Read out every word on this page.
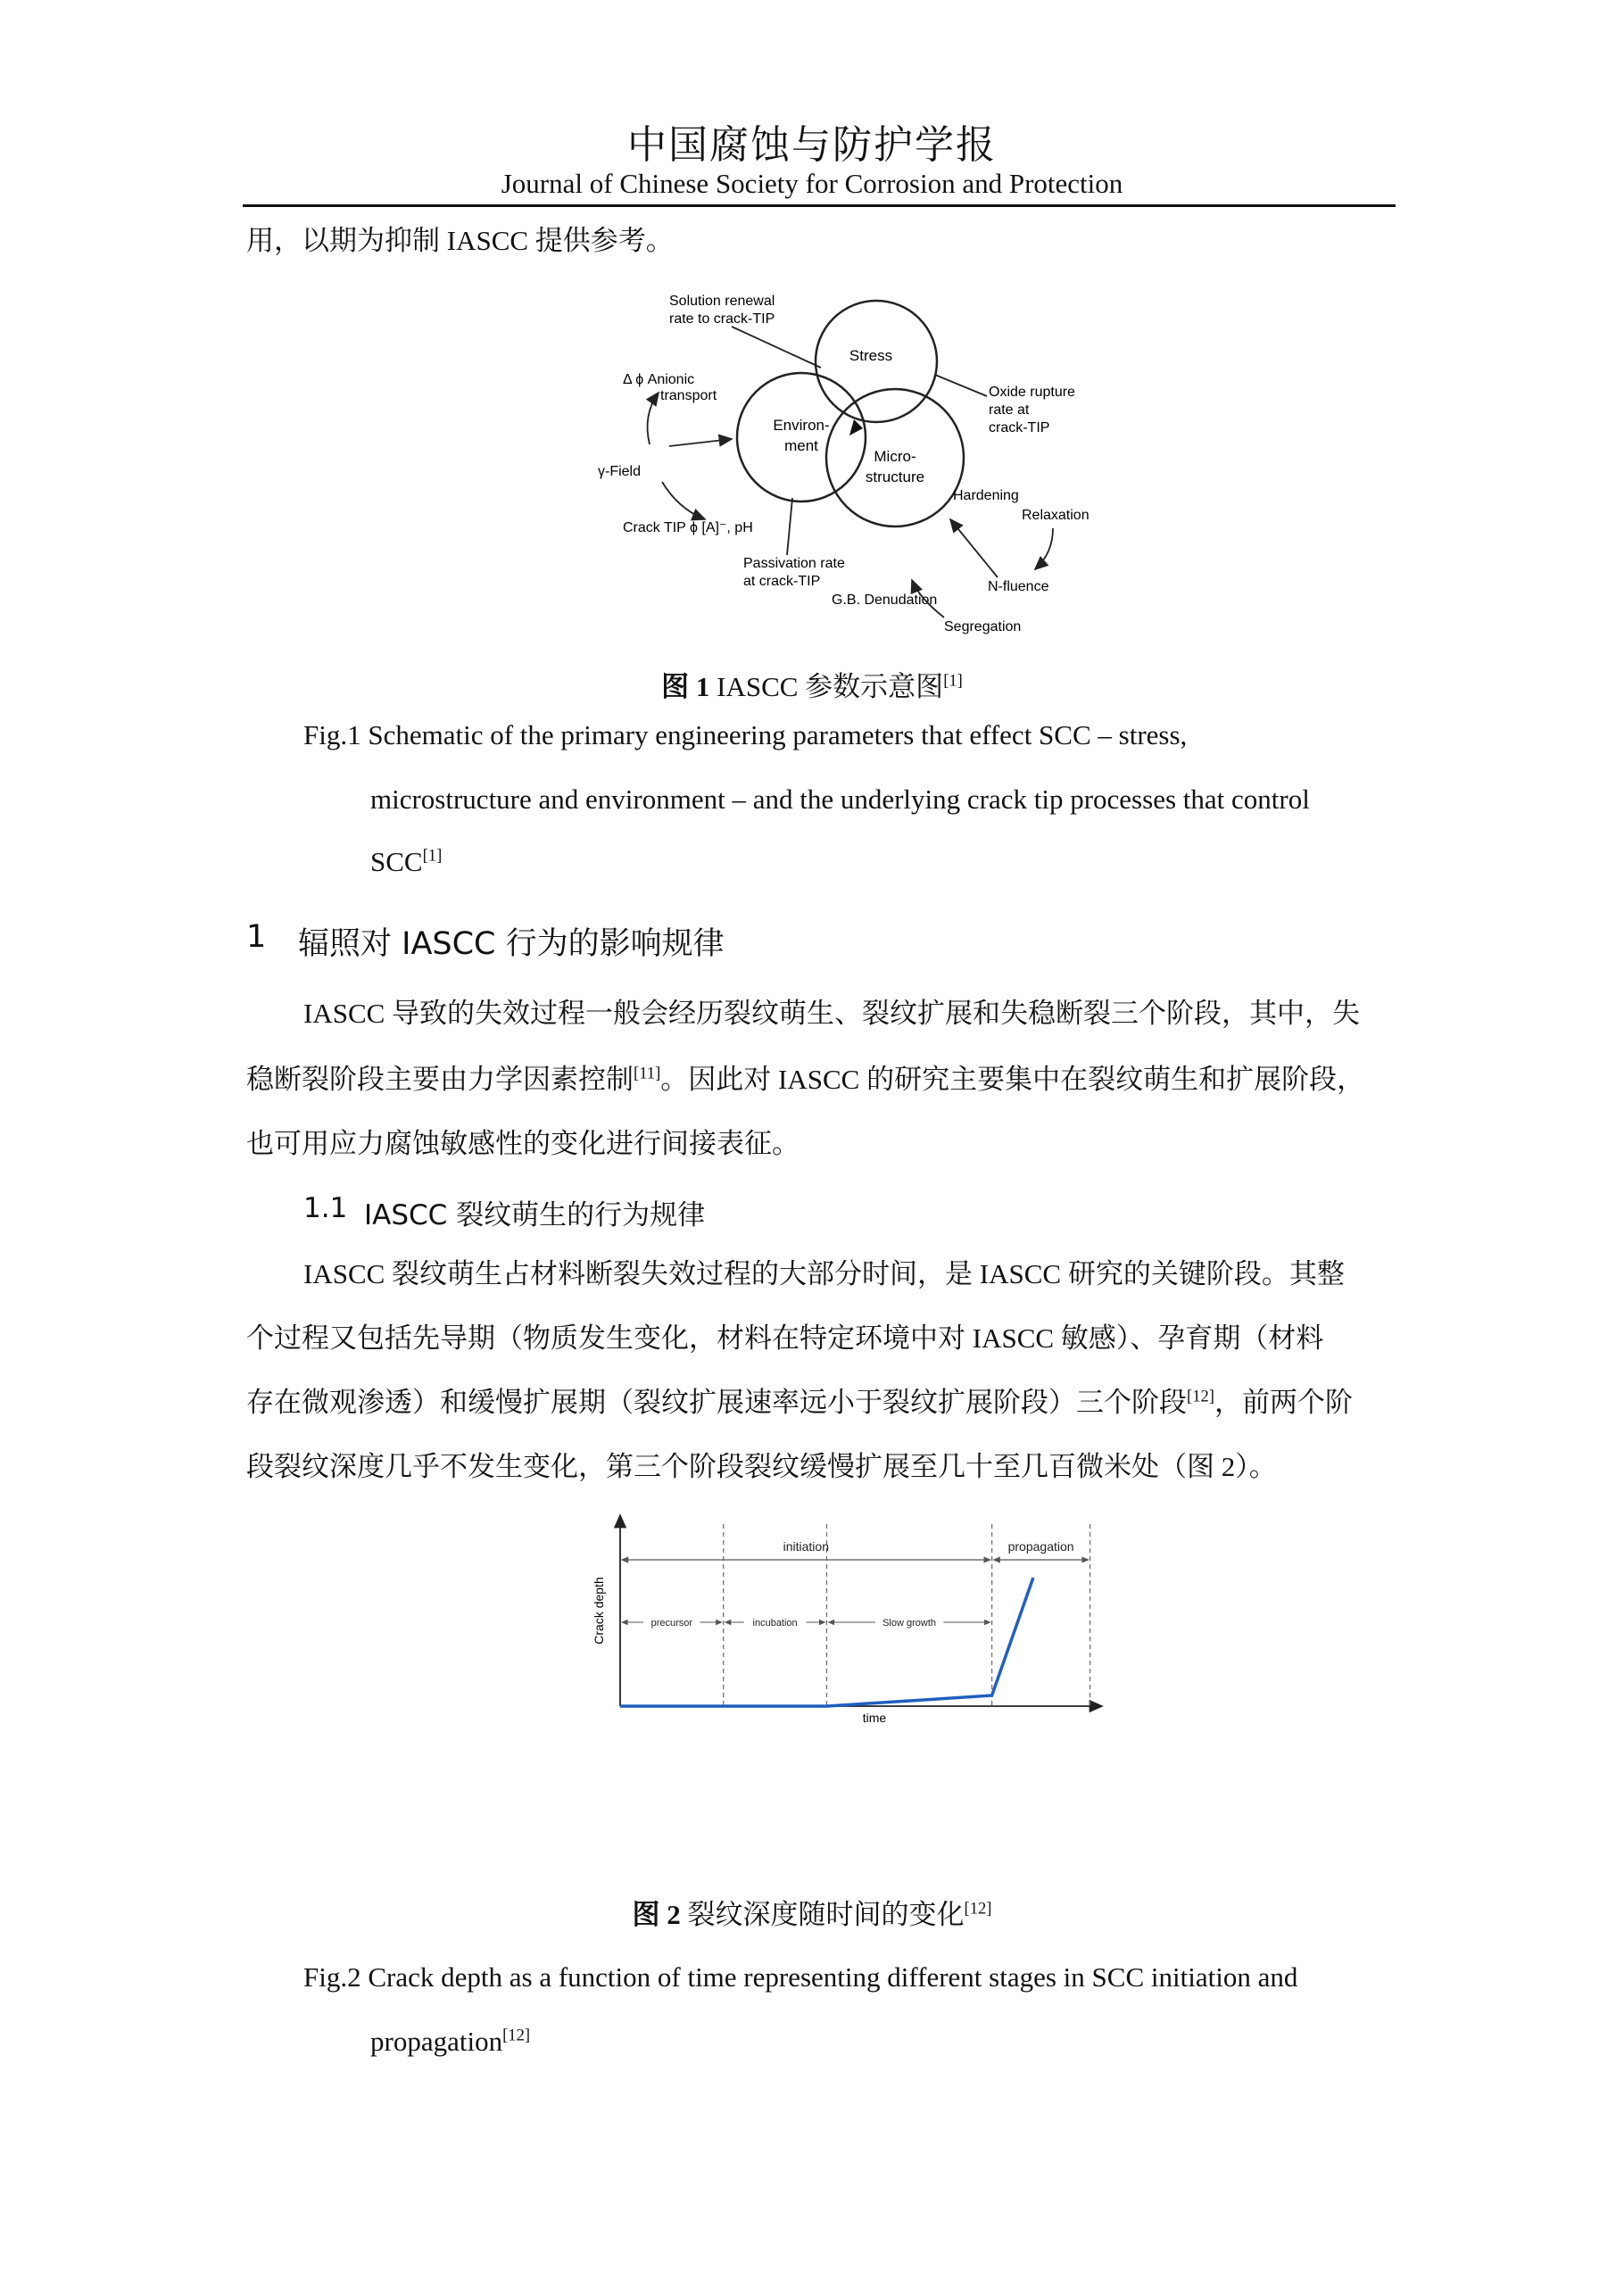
中国腐蚀与防护学报
Journal of Chinese Society for Corrosion and Protection
用，以期为抑制 IASCC 提供参考。
Stress
Environ-
ment
Micro-
structure
Solution renewal
rate to crack-TIP
Δ ϕ Anionic
transport
γ-Field
Crack TIP ϕ [A]⁻, pH
Passivation rate
at crack-TIP
G.B. Denudation
Segregation
N-fluence
Hardening
Relaxation
Oxide rupture
rate at
crack-TIP
图 1 IASCC 参数示意图[1]
Fig.1 Schematic of the primary engineering parameters that effect SCC – stress,
microstructure and environment – and the underlying crack tip processes that control
SCC[1]
1 辐照对 IASCC 行为的影响规律
IASCC 导致的失效过程一般会经历裂纹萌生、裂纹扩展和失稳断裂三个阶段，其中，失
稳断裂阶段主要由力学因素控制[11]。因此对 IASCC 的研究主要集中在裂纹萌生和扩展阶段，
也可用应力腐蚀敏感性的变化进行间接表征。
1.1 IASCC 裂纹萌生的行为规律
IASCC 裂纹萌生占材料断裂失效过程的大部分时间，是 IASCC 研究的关键阶段。其整
个过程又包括先导期（物质发生变化，材料在特定环境中对 IASCC 敏感）、孕育期（材料
存在微观渗透）和缓慢扩展期（裂纹扩展速率远小于裂纹扩展阶段）三个阶段[12]，前两个阶
段裂纹深度几乎不发生变化，第三个阶段裂纹缓慢扩展至几十至几百微米处（图 2）。
Crack depth
time
initiation	propagation
precursor	incubation	Slow growth
图 2 裂纹深度随时间的变化[12]
Fig.2 Crack depth as a function of time representing different stages in SCC initiation and
propagation[12]
